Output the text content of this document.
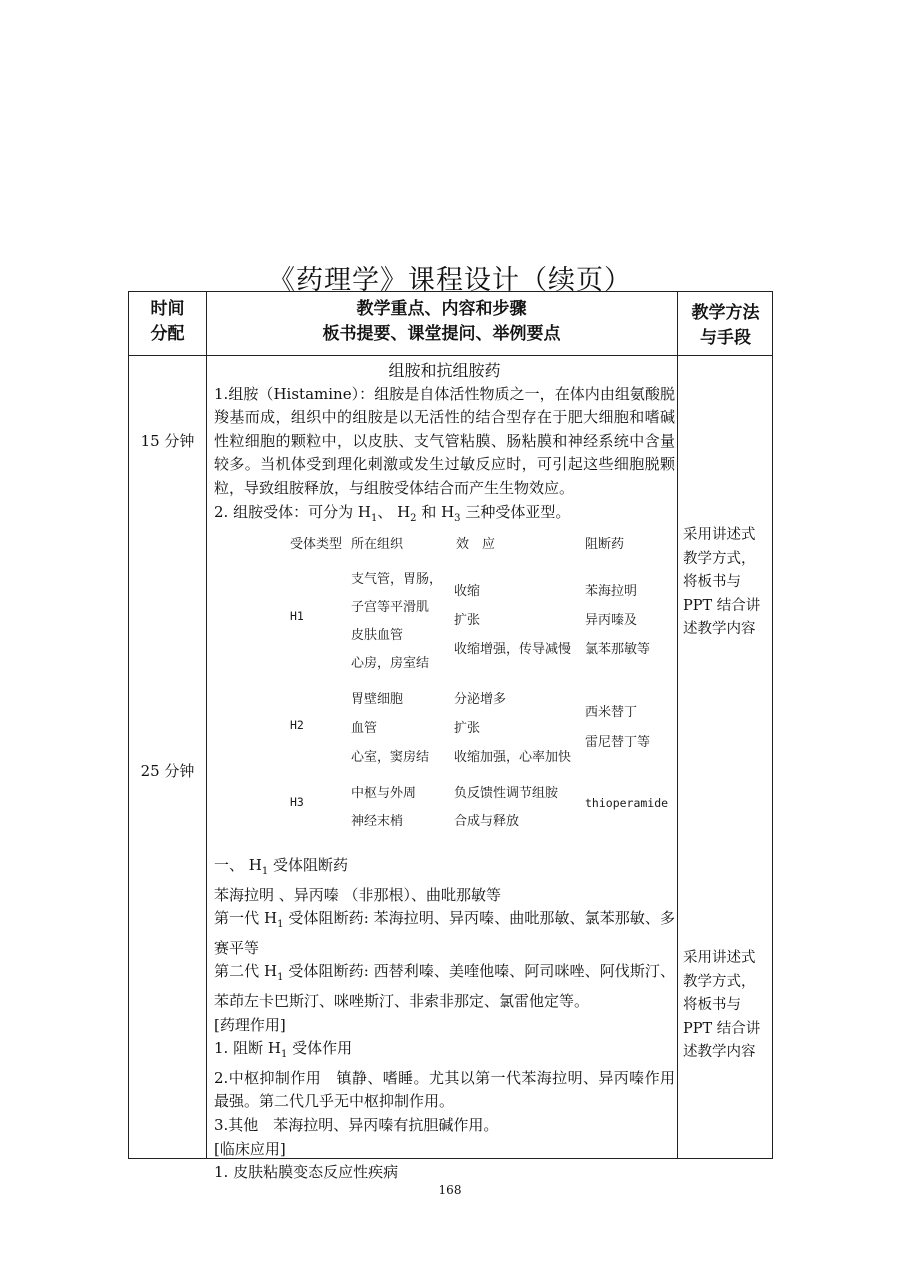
《药理学》课程设计（续页）
时间
分配
教学重点、内容和步骤
板书提要、课堂提问、举例要点
教学方法
与手段
15 分钟
25 分钟

组胺和抗组胺药

1.组胺（Histamine）：组胺是自体活性物质之一，在体内由组氨酸脱羧基而成，组织中的组胺是以无活性的结合型存在于肥大细胞和嗜碱性粒细胞的颗粒中，以皮肤、支气管粘膜、肠粘膜和神经系统中含量较多。当机体受到理化刺激或发生过敏反应时，可引起这些细胞脱颗粒，导致组胺释放，与组胺受体结合而产生生物效应。

2. 组胺受体：可分为 $H_1$、 $H_2$ 和 $H_3$ 三种受体亚型。

受体类型 所在组织	效　应	阻断药
H1
支气管，胃肠，
子宫等平滑肌
皮肤血管
心房，房室结
收缩
扩张
收缩增强，传导减慢
苯海拉明
异丙嗪及
氯苯那敏等
H2
胃壁细胞
血管
心室，窦房结
分泌增多
扩张
收缩加强，心率加快
西米替丁
雷尼替丁等
H3
中枢与外周
神经末梢
负反馈性调节组胺
合成与释放
thioperamide

一、 $H_1$ 受体阻断药

苯海拉明 、异丙嗪 （非那根）、曲吡那敏等

第一代 $H_1$ 受体阻断药: 苯海拉明、异丙嗪、曲吡那敏、氯苯那敏、多赛平等

第二代 $H_1$ 受体阻断药: 西替利嗪、美喹他嗪、阿司咪唑、阿伐斯汀、苯茚左卡巴斯汀、咪唑斯汀、非索非那定、氯雷他定等。

[药理作用]

1. 阻断 $H_1$ 受体作用

2.中枢抑制作用　镇静、嗜睡。尤其以第一代苯海拉明、异丙嗪作用最强。第二代几乎无中枢抑制作用。

3.其他　苯海拉明、异丙嗪有抗胆碱作用。

[临床应用]

1. 皮肤粘膜变态反应性疾病

采用讲述式
教学方式，
将板书与
PPT 结合讲
述教学内容
采用讲述式
教学方式，
将板书与
PPT 结合讲
述教学内容
168
